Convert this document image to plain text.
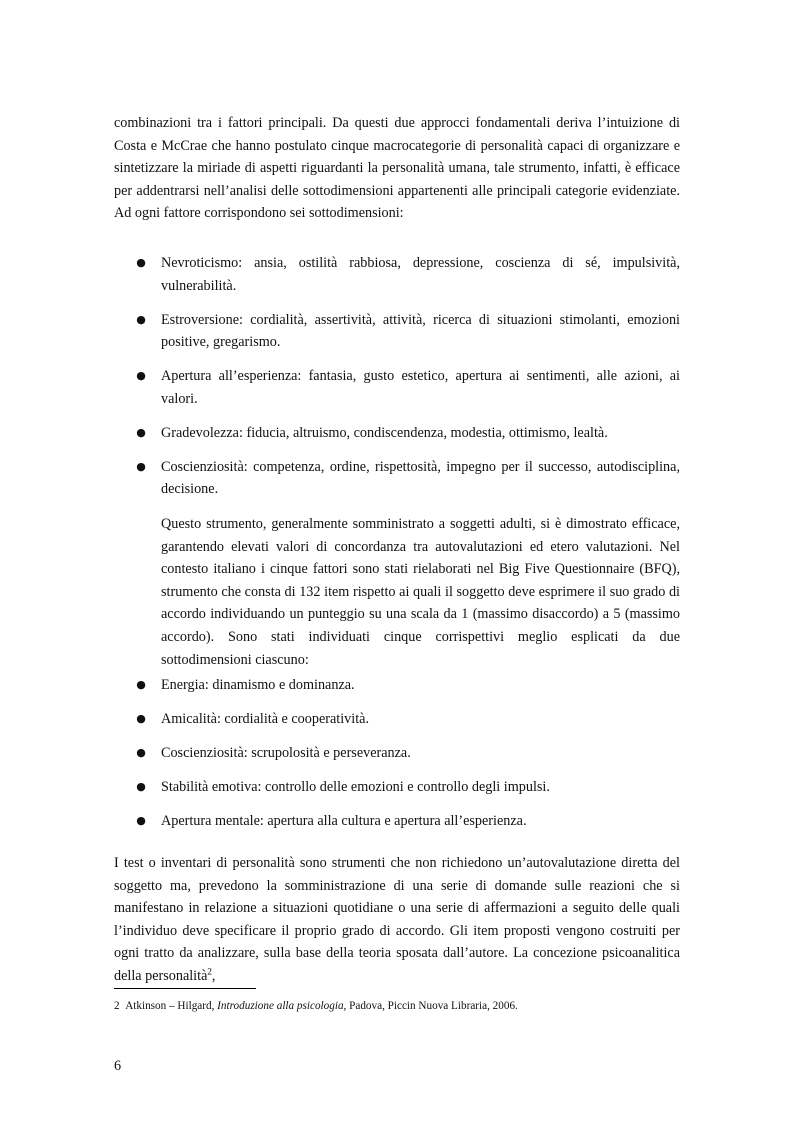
combinazioni tra i fattori principali. Da questi due approcci fondamentali deriva l’intuizione di Costa e McCrae che hanno postulato cinque macrocategorie di personalità capaci di organizzare e sintetizzare la miriade di aspetti riguardanti la personalità umana, tale strumento, infatti, è efficace per addentrarsi nell’analisi delle sottodimensioni appartenenti alle principali categorie evidenziate. Ad ogni fattore corrispondono sei sottodimensioni:

● Nevroticismo: ansia, ostilità rabbiosa, depressione, coscienza di sé, impulsività, vulnerabilità.
● Estroversione: cordialità, assertività, attività, ricerca di situazioni stimolanti, emozioni positive, gregarismo.
● Apertura all’esperienza: fantasia, gusto estetico, apertura ai sentimenti, alle azioni, ai valori.
● Gradevolezza: fiducia, altruismo, condiscendenza, modestia, ottimismo, lealtà.
● Coscienziosità: competenza, ordine, rispettosità, impegno per il successo, autodisciplina, decisione.

Questo strumento, generalmente somministrato a soggetti adulti, si è dimostrato efficace, garantendo elevati valori di concordanza tra autovalutazioni ed etero valutazioni. Nel contesto italiano i cinque fattori sono stati rielaborati nel Big Five Questionnaire (BFQ), strumento che consta di 132 item rispetto ai quali il soggetto deve esprimere il suo grado di accordo individuando un punteggio su una scala da 1 (massimo disaccordo) a 5 (massimo accordo). Sono stati individuati cinque corrispettivi meglio esplicati da due sottodimensioni ciascuno:

● Energia: dinamismo e dominanza.
● Amicalità: cordialità e cooperatività.
● Coscienziosità: scrupolosità e perseveranza.
● Stabilità emotiva: controllo delle emozioni e controllo degli impulsi.
● Apertura mentale: apertura alla cultura e apertura all’esperienza.

I test o inventari di personalità sono strumenti che non richiedono un’autovalutazione diretta del soggetto ma, prevedono la somministrazione di una serie di domande sulle reazioni che si manifestano in relazione a situazioni quotidiane o una serie di affermazioni a seguito delle quali l’individuo deve specificare il proprio grado di accordo. Gli item proposti vengono costruiti per ogni tratto da analizzare, sulla base della teoria sposata dall’autore. La concezione psicoanalitica della personalità$^2$,

2 Atkinson – Hilgard, Introduzione alla psicologia, Padova, Piccin Nuova Libraria, 2006.
6
